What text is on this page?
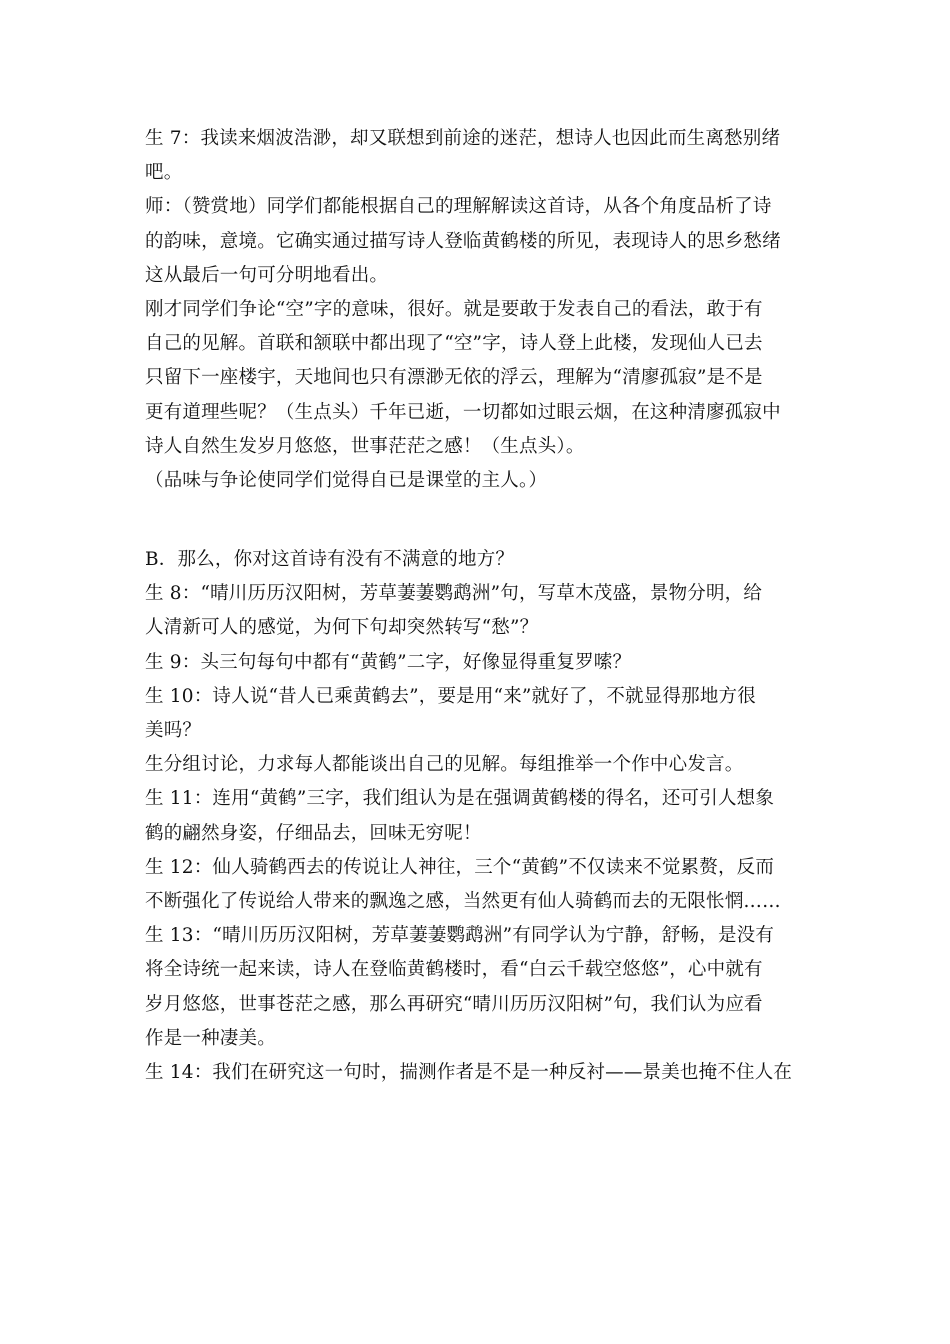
生 7：我读来烟波浩渺，却又联想到前途的迷茫，想诗人也因此而生离愁别绪
吧。
师：（赞赏地）同学们都能根据自己的理解解读这首诗，从各个角度品析了诗
的韵味，意境。它确实通过描写诗人登临黄鹤楼的所见，表现诗人的思乡愁绪
这从最后一句可分明地看出。
刚才同学们争论“空”字的意味，很好。就是要敢于发表自己的看法，敢于有
自己的见解。首联和颔联中都出现了“空”字，诗人登上此楼，发现仙人已去
只留下一座楼宇，天地间也只有漂渺无依的浮云，理解为“清廖孤寂”是不是
更有道理些呢？（生点头）千年已逝，一切都如过眼云烟，在这种清廖孤寂中
诗人自然生发岁月悠悠，世事茫茫之感！（生点头）。
（品味与争论使同学们觉得自已是课堂的主人。）
B．那么，你对这首诗有没有不满意的地方？
生 8：“晴川历历汉阳树，芳草萋萋鹦鹉洲”句，写草木茂盛，景物分明，给
人清新可人的感觉，为何下句却突然转写“愁”？
生 9：头三句每句中都有“黄鹤”二字，好像显得重复罗嗦？
生 10：诗人说“昔人已乘黄鹤去”，要是用“来”就好了，不就显得那地方很
美吗？
生分组讨论，力求每人都能谈出自己的见解。每组推举一个作中心发言。
生 11：连用“黄鹤”三字，我们组认为是在强调黄鹤楼的得名，还可引人想象
鹤的翩然身姿，仔细品去，回味无穷呢！
生 12：仙人骑鹤西去的传说让人神往，三个“黄鹤”不仅读来不觉累赘，反而
不断强化了传说给人带来的飘逸之感，当然更有仙人骑鹤而去的无限怅惘……
生 13：“晴川历历汉阳树，芳草萋萋鹦鹉洲”有同学认为宁静，舒畅，是没有
将全诗统一起来读，诗人在登临黄鹤楼时，看“白云千载空悠悠”，心中就有
岁月悠悠，世事苍茫之感，那么再研究“晴川历历汉阳树”句，我们认为应看
作是一种凄美。
生 14：我们在研究这一句时，揣测作者是不是一种反衬——景美也掩不住人在
